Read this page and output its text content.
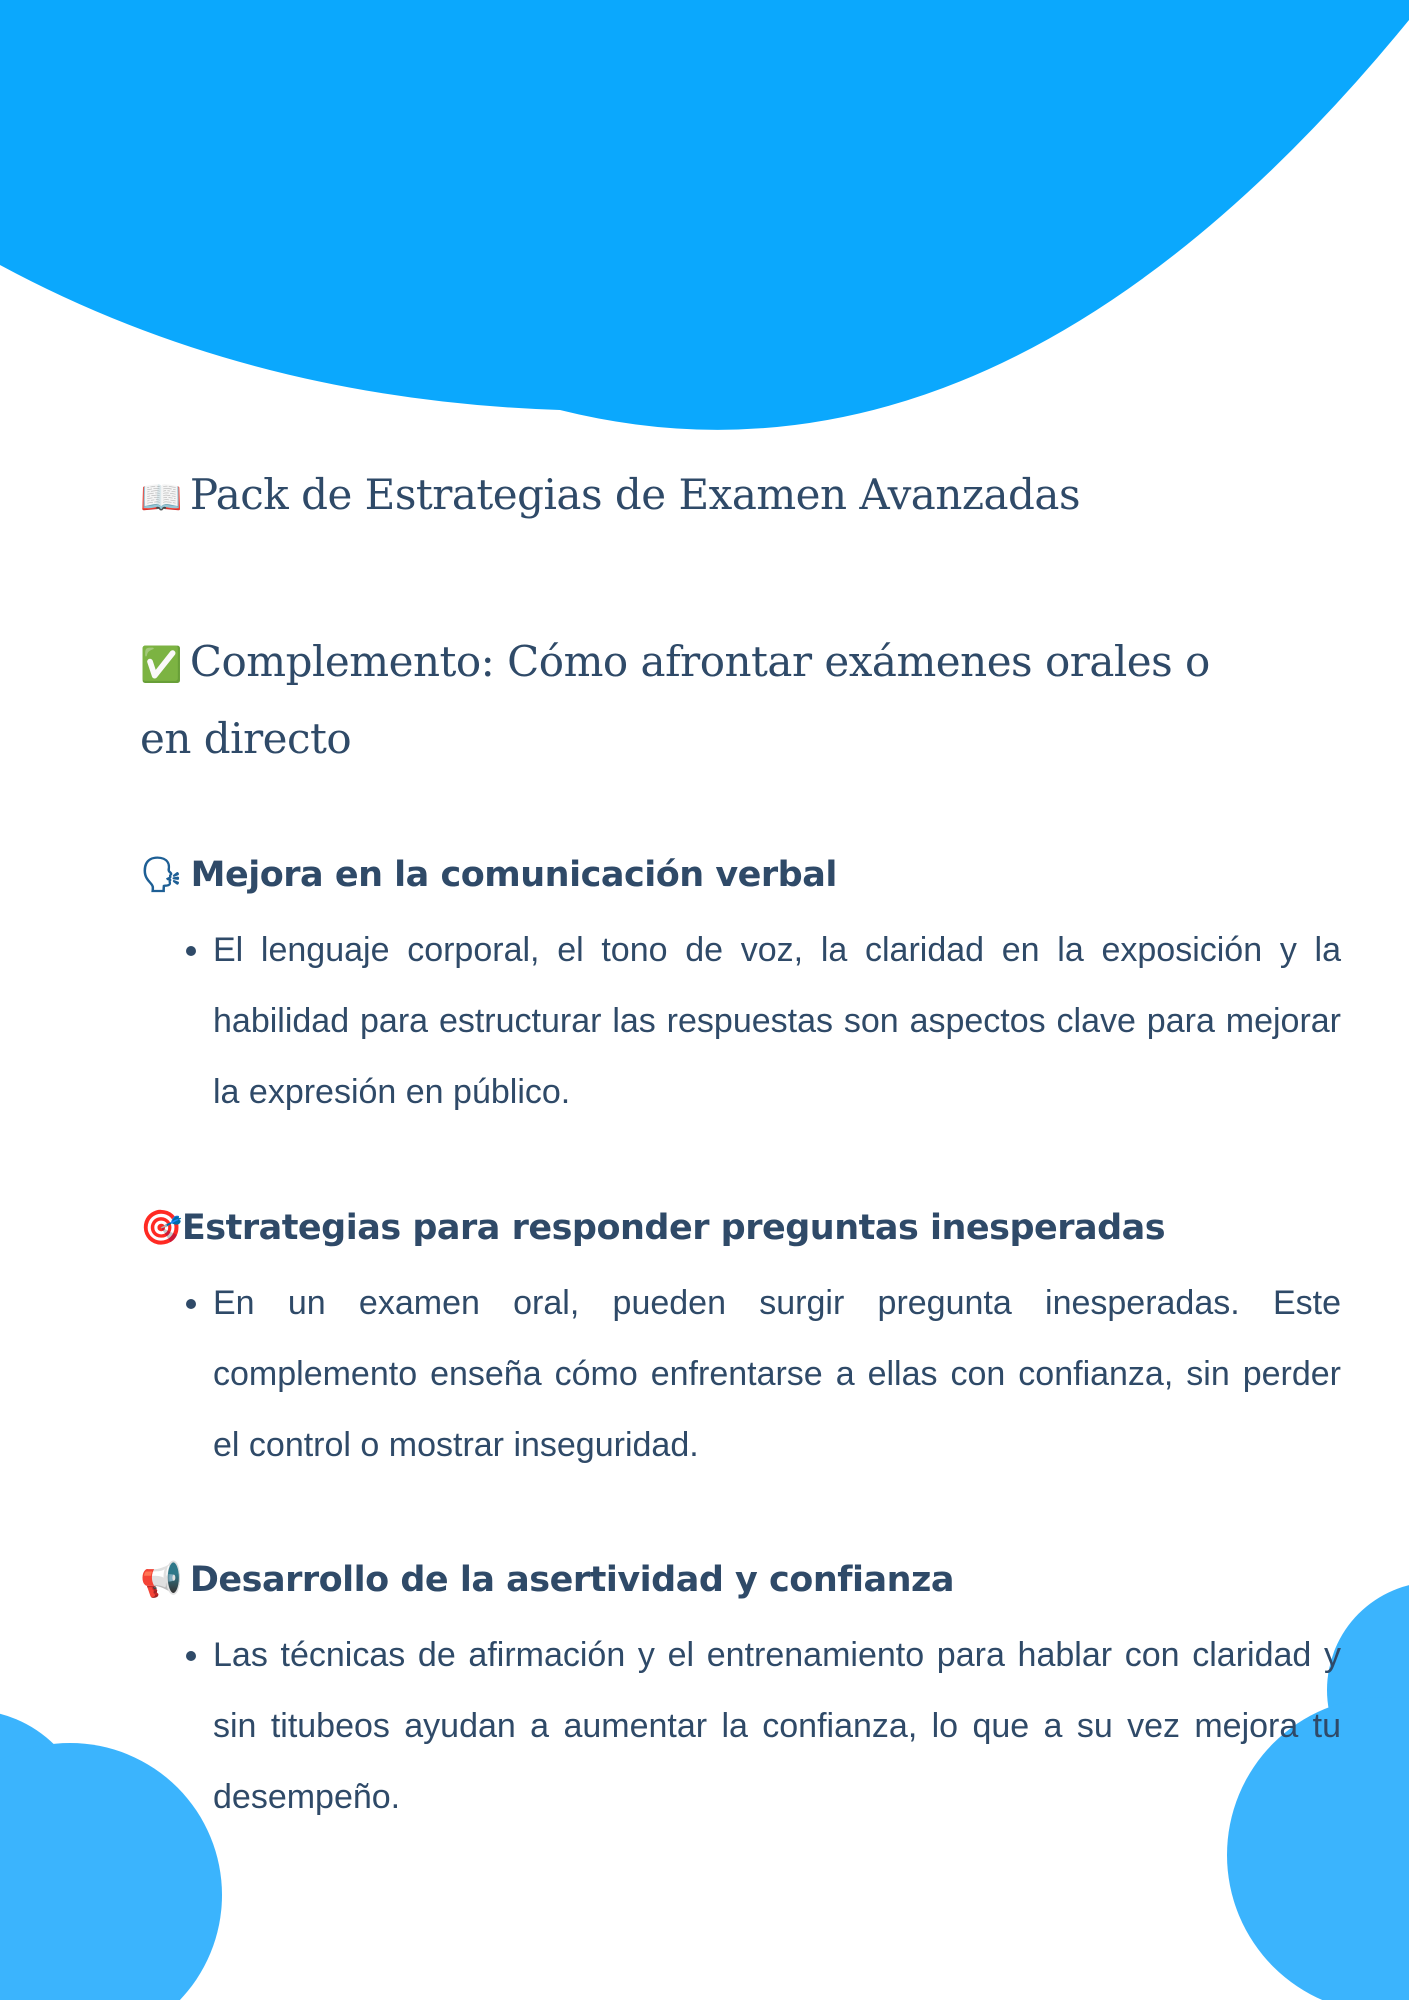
📖 Pack de Estrategias de Examen Avanzadas
✅ Complemento: Cómo afrontar exámenes orales o en directo
🗣 Mejora en la comunicación verbal
• El lenguaje corporal, el tono de voz, la claridad en la exposición y la habilidad para estructurar las respuestas son aspectos clave para mejorar la expresión en público.
🎯Estrategias para responder preguntas inesperadas
• En un examen oral, pueden surgir pregunta inesperadas. Este complemento enseña cómo enfrentarse a ellas con confianza, sin perder el control o mostrar inseguridad.
📢 Desarrollo de la asertividad y confianza
• Las técnicas de afirmación y el entrenamiento para hablar con claridad y sin titubeos ayudan a aumentar la confianza, lo que a su vez mejora tu desempeño.
